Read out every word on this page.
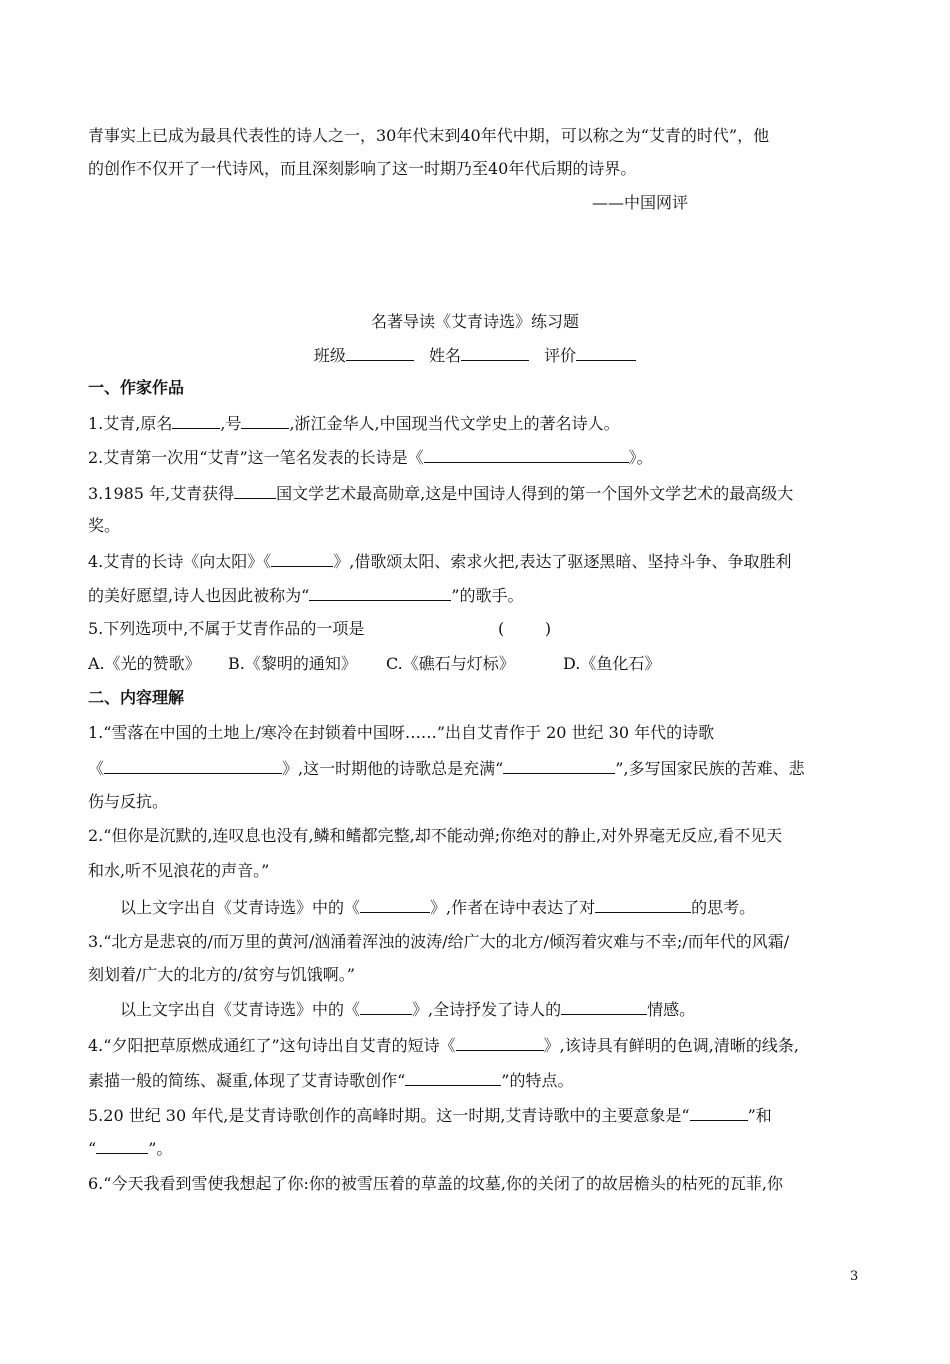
青事实上已成为最具代表性的诗人之一，30年代末到40年代中期，可以称之为“艾青的时代”，他
的创作不仅开了一代诗风，而且深刻影响了这一时期乃至40年代后期的诗界。
——中国网评
名著导读《艾青诗选》练习题
班级	姓名	评价
一、作家作品
1.艾青,原名	,号	,浙江金华人,中国现当代文学史上的著名诗人。
2.艾青第一次用“艾青”这一笔名发表的长诗是《	》。
3.1985 年,艾青获得	国文学艺术最高勋章,这是中国诗人得到的第一个国外文学艺术的最高级大
奖。
4.艾青的长诗《向太阳》《	》,借歌颂太阳、索求火把,表达了驱逐黑暗、坚持斗争、争取胜利
的美好愿望,诗人也因此被称为“	”的歌手。
5.下列选项中,不属于艾青作品的一项是	(        )
A.《光的赞歌》 B.《黎明的通知》 C.《礁石与灯标》	D.《鱼化石》
二、内容理解
1.“雪落在中国的土地上/寒冷在封锁着中国呀……”出自艾青作于 20 世纪 30 年代的诗歌
《	》,这一时期他的诗歌总是充满“	”,多写国家民族的苦难、悲
伤与反抗。
2.“但你是沉默的,连叹息也没有,鳞和鳍都完整,却不能动弹;你绝对的静止,对外界毫无反应,看不见天
和水,听不见浪花的声音。”
以上文字出自《艾青诗选》中的《	》,作者在诗中表达了对	的思考。
3.“北方是悲哀的/而万里的黄河/汹涌着浑浊的波涛/给广大的北方/倾泻着灾难与不幸;/而年代的风霜/
刻划着/广大的北方的/贫穷与饥饿啊。”
以上文字出自《艾青诗选》中的《	》,全诗抒发了诗人的	情感。
4.“夕阳把草原燃成通红了”这句诗出自艾青的短诗《	》,该诗具有鲜明的色调,清晰的线条,
素描一般的简练、凝重,体现了艾青诗歌创作“	”的特点。
5.20 世纪 30 年代,是艾青诗歌创作的高峰时期。这一时期,艾青诗歌中的主要意象是“	”和
“	”。
6.“今天我看到雪使我想起了你:你的被雪压着的草盖的坟墓,你的关闭了的故居檐头的枯死的瓦菲,你
3
